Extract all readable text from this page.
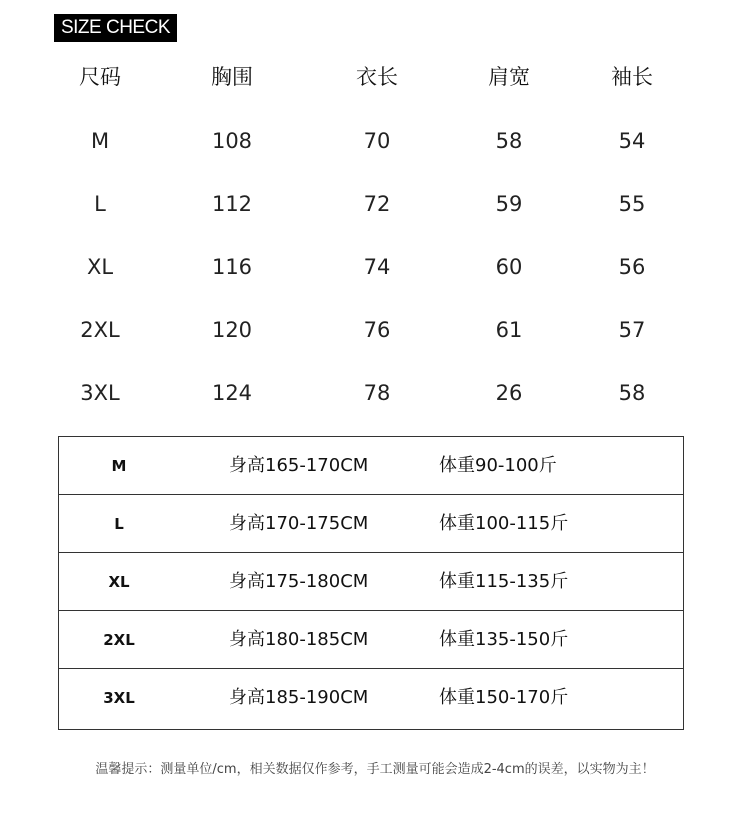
SIZE CHECK
尺码	胸围	衣长	肩宽	袖长
M	108	70	58	54
L	112	72	59	55
XL	116	74	60	56
2XL	120	76	61	57
3XL	124	78	26	58
M	身高165-170CM	体重90-100斤
L	身高170-175CM	体重100-115斤
XL	身高175-180CM	体重115-135斤
2XL	身高180-185CM	体重135-150斤
3XL	身高185-190CM	体重150-170斤
温馨提示：测量单位/cm，相关数据仅作参考，手工测量可能会造成2-4cm的误差，以实物为主！
